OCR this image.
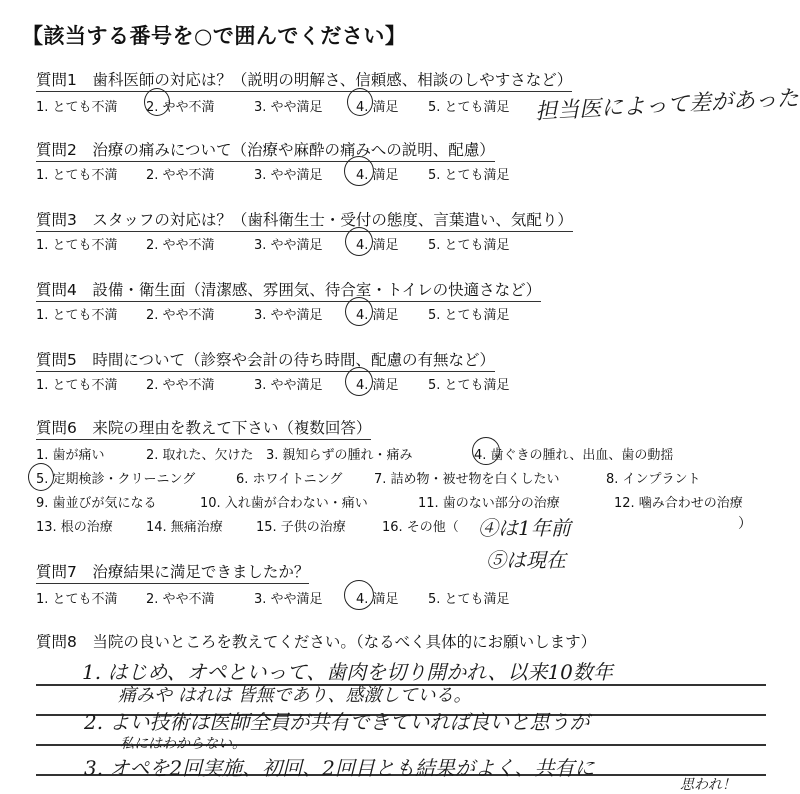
【該当する番号を○で囲んでください】
質問1　歯科医師の対応は？（説明の明解さ、信頼感、相談のしやすさなど）
1. とても不満 2. やや不満	3. やや満足	4. 満足 5. とても満足 担当医によって差があった
質問2　治療の痛みについて（治療や麻酔の痛みへの説明、配慮）
1. とても不満 2. やや不満	3. やや満足	4. 満足 5. とても満足
質問3　スタッフの対応は？（歯科衛生士・受付の態度、言葉遣い、気配り）
1. とても不満 2. やや不満	3. やや満足	4. 満足 5. とても満足
質問4　設備・衛生面（清潔感、雰囲気、待合室・トイレの快適さなど）
1. とても不満 2. やや不満	3. やや満足	4. 満足 5. とても満足
質問5　時間について（診察や会計の待ち時間、配慮の有無など）
1. とても不満 2. やや不満	3. やや満足	4. 満足 5. とても満足
質問6　来院の理由を教えて下さい（複数回答）
1. 歯が痛い	2. 取れた、欠けた 3. 親知らずの腫れ・痛み	4. 歯ぐきの腫れ、出血、歯の動揺
5. 定期検診・クリーニング	6. ホワイトニング 7. 詰め物・被せ物を白くしたい	8. インプラント
9. 歯並びが気になる	10. 入れ歯が合わない・痛い	11. 歯のない部分の治療	12. 噛み合わせの治療
13. 根の治療	14. 無痛治療	15. 子供の治療	16. その他（	）
④は1年前
⑤は現在
質問7　治療結果に満足できましたか？
1. とても不満 2. やや不満	3. やや満足	4. 満足 5. とても満足
質問8　当院の良いところを教えてください。（なるべく具体的にお願いします）
1. はじめ、オペといって、歯肉を切り開かれ、以来10数年
痛みや はれは 皆無であり、感激している。
2. よい技術は医師全員が共有できていれば良いと思うが
私にはわからない。
3. オペを2回実施、初回、2回目とも結果がよく、共有に
思われ！
